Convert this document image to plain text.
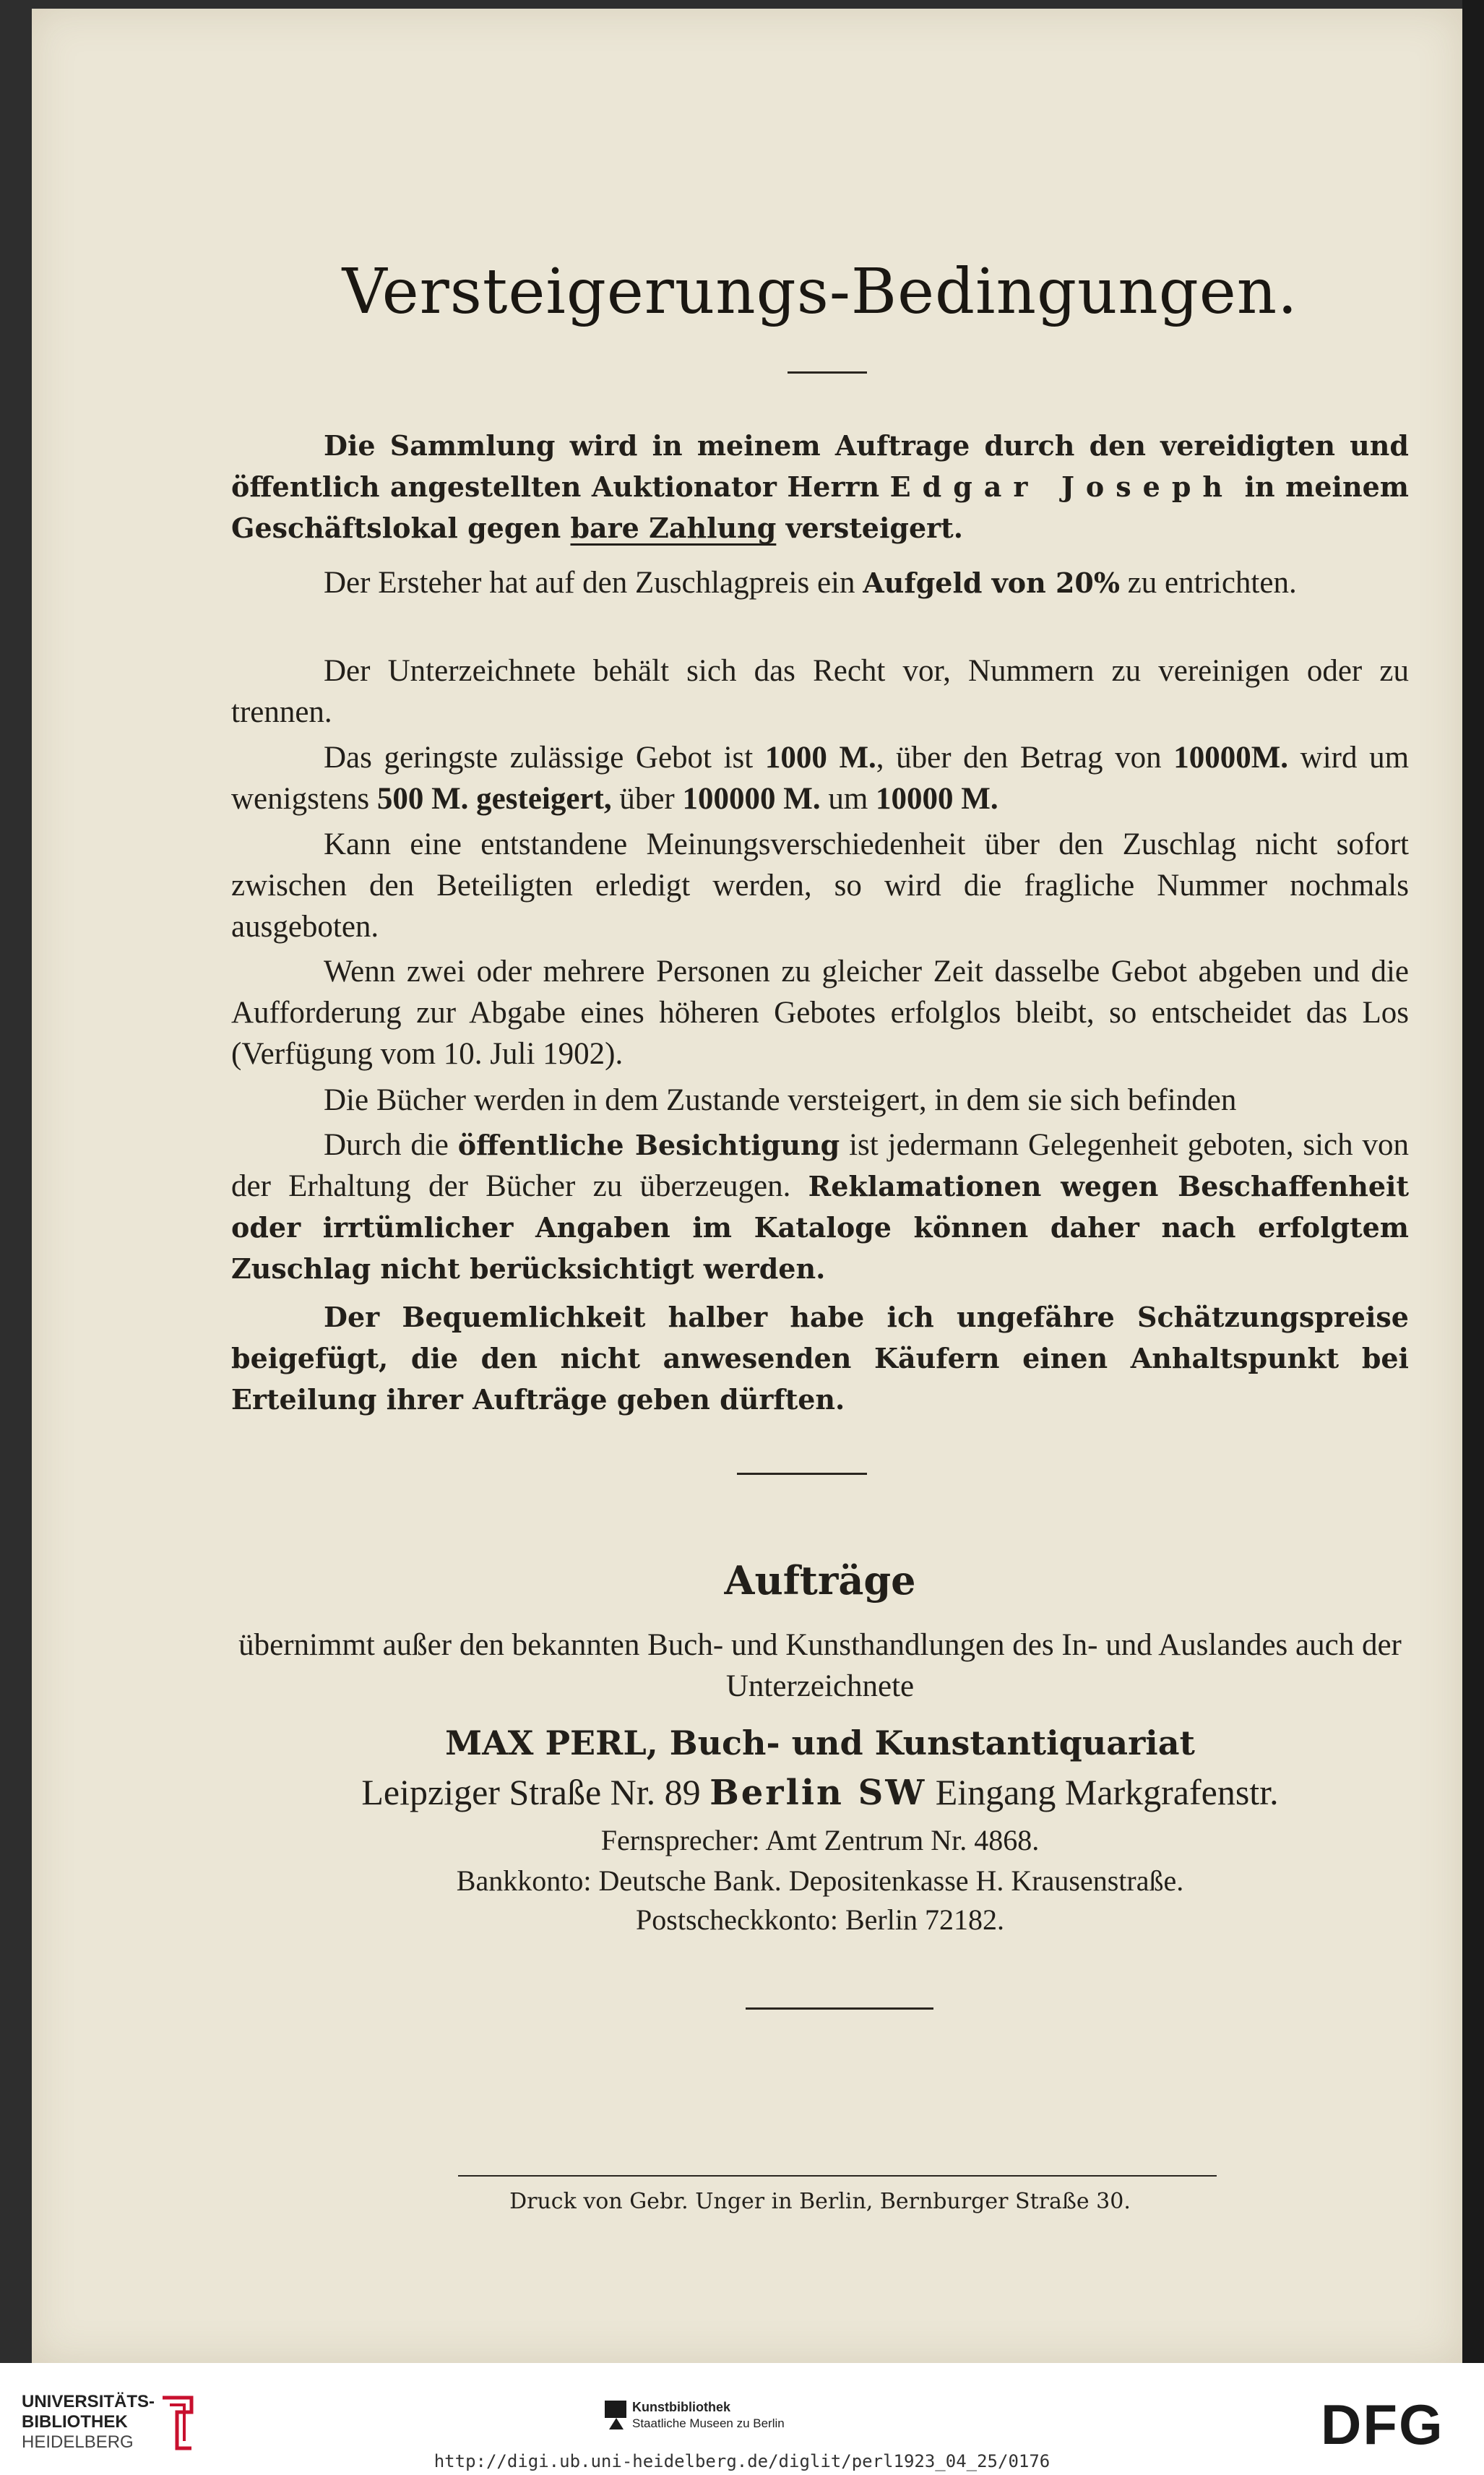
Versteigerungs-Bedingungen.
Die Sammlung wird in meinem Auftrage durch den vereidigten und öffentlich angestellten Auktionator Herrn Edgar Joseph in meinem Geschäftslokal gegen bare Zahlung versteigert.
Der Ersteher hat auf den Zuschlagpreis ein Aufgeld von 20% zu entrichten.
Der Unterzeichnete behält sich das Recht vor, Nummern zu vereinigen oder zu trennen.
Das geringste zulässige Gebot ist 1000 M., über den Betrag von 10000M. wird um wenigstens 500 M. gesteigert, über 100000 M. um 10000 M.
Kann eine entstandene Meinungsverschiedenheit über den Zuschlag nicht sofort zwischen den Beteiligten erledigt werden, so wird die fragliche Nummer nochmals ausgeboten.
Wenn zwei oder mehrere Personen zu gleicher Zeit dasselbe Gebot abgeben und die Aufforderung zur Abgabe eines höheren Gebotes erfolglos bleibt, so entscheidet das Los (Verfügung vom 10. Juli 1902).
Die Bücher werden in dem Zustande versteigert, in dem sie sich befinden
Durch die öffentliche Besichtigung ist jedermann Gelegenheit geboten, sich von der Erhaltung der Bücher zu überzeugen. Reklamationen wegen Beschaffenheit oder irrtümlicher Angaben im Kataloge können daher nach erfolgtem Zuschlag nicht berücksichtigt werden.
Der Bequemlichkeit halber habe ich ungefähre Schätzungspreise beigefügt, die den nicht anwesenden Käufern einen Anhaltspunkt bei Erteilung ihrer Aufträge geben dürften.
Aufträge
übernimmt außer den bekannten Buch- und Kunsthandlungen des In- und Auslandes auch der Unterzeichnete
MAX PERL, Buch- und Kunstantiquariat
Leipziger Straße Nr. 89 Berlin SW Eingang Markgrafenstr.
Fernsprecher: Amt Zentrum Nr. 4868.
Bankkonto: Deutsche Bank. Depositenkasse H. Krausenstraße.
Postscheckkonto: Berlin 72182.
Druck von Gebr. Unger in Berlin, Bernburger Straße 30.
UNIVERSITÄTS-
BIBLIOTHEK
HEIDELBERG
Kunstbibliothek
Staatliche Museen zu Berlin	DFG
http://digi.ub.uni-heidelberg.de/diglit/perl1923_04_25/0176
